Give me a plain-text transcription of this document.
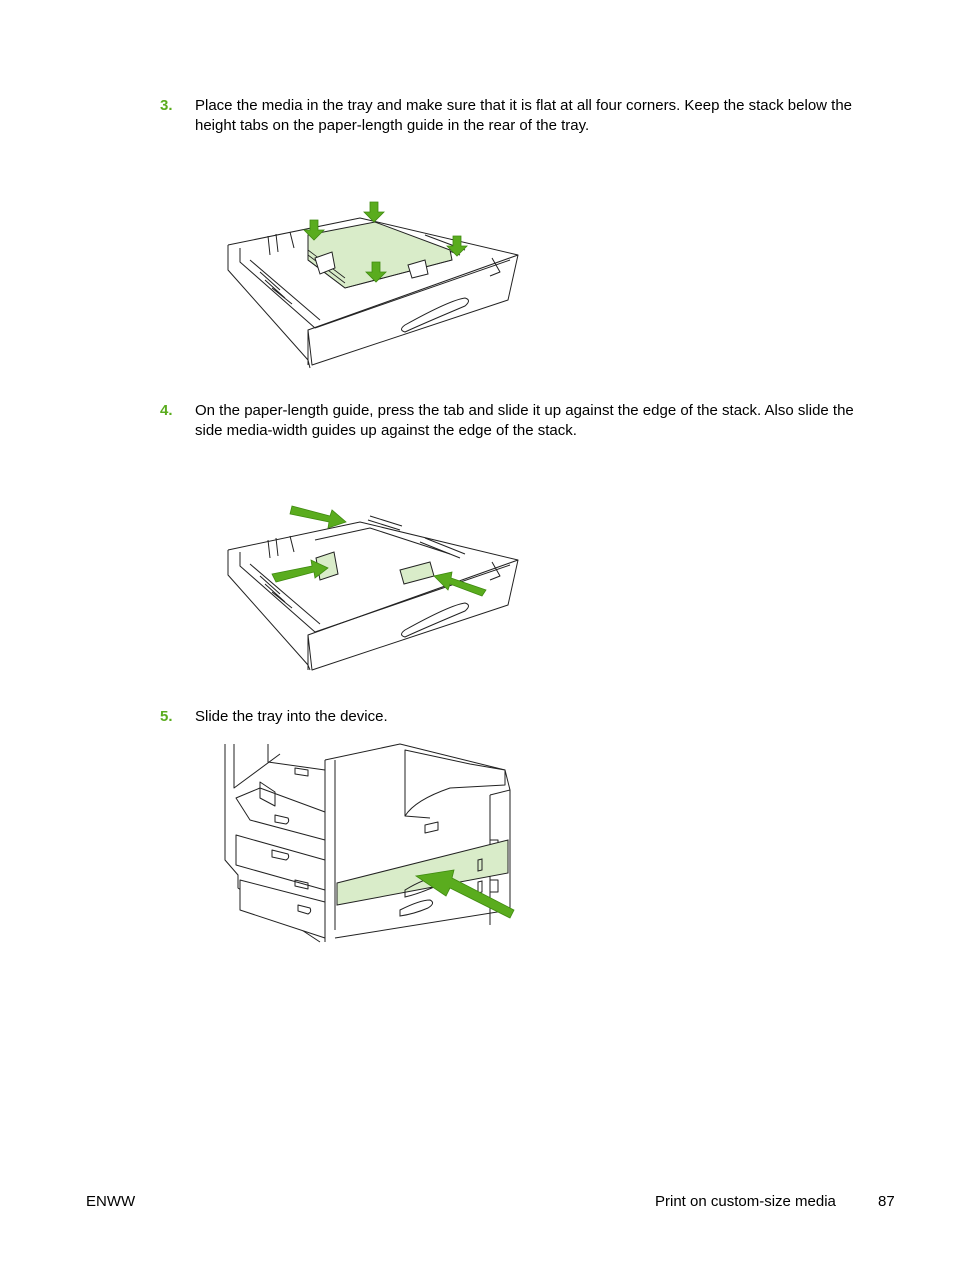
3. Place the media in the tray and make sure that it is flat at all four corners. Keep the stack below the height tabs on the paper-length guide in the rear of the tray.
4. On the paper-length guide, press the tab and slide it up against the edge of the stack. Also slide the side media-width guides up against the edge of the stack.
5. Slide the tray into the device.
ENWW	Print on custom-size media	87
